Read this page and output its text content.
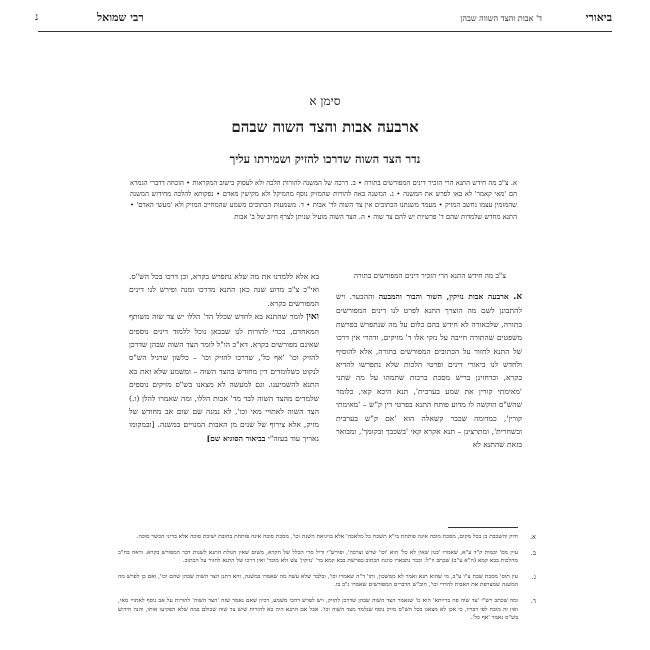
ביאורי
ד' אבות והצד השווה שבהן
רבי שמואל
נ
סימן א
ארבעה אבות והצד השוה שבהם
נדר הצד השוה שדרכו להזיק ושמירתו עליך

א. צ"ב מה חידש התנא הרי הזכיר דינים המפורשים בתורה • ב. דרכה של המשנה להורות הלכה ולא לעסוק בישוב המקראות • הוכחה דדברי הגמרא הם 'מאי קאמר' לא באו לפרש את המשנה • ג. המשנה באה להורות שהמזיק נוסף מהמיקל ולא מקישין מאדם • נפקותא להלכה מחידוש המשנה שהמזמין עצמו נחשב המזיק • מעמד משנתנו הכתובים אין צד השוה לד' אבות • ד. משמעות הכתובים משמע שהמחייב המזיק ולא 'מעשי האדם' • התנא מחדש שלמדות שהם ד' פרשיות יש להם צד שוה • ה. הצד השוה מועיל שניתן לצרף חיוב של ב' אבות

צ"ב מה חידש התנא הרי הזכיר דינים המפורשים בתורה

א. ארבעה אבות נזיקין, השור והבור והמבעה וההבער. ויש להתבונן לשם מה הוצרך התנא לפרט לנו דינים המפורשים בתורה, שלכאורה לא חידש בהם כלום על מה שנתפרש בפרשת משפטים שהתורה חייבה על נזקי אלו ד' מזיקים, ודהרי אין דרכו של התנא לחזור על הכתובים המפורשים בתורה, אלא להוסיף ולחדש לנו ביאורי דינים ופרטי הלכות שלא נתפרשו להדיא בקרא, וכדחזינן בריש מסכת ברכות שתמהו על מה שתני 'מאימתי קורין את שמע בערבית', תנא היכא קאי, כלומר שהש"ס הוקשה לו מדוע פותח התנא בפרטי דין ק"ש – 'מאימתי קורין', כמדומה שכבר קשאלה הוא 'אם ק"ש בערבית ובשחרית', ומתרצינן – תנא אקרא קאי 'בשכבך ובקומך', ומבואר בזאת שהתנא לא

בא אלא ללמדנו את מה שלא נתפרש בקרא, וכן דרכו בכל הש"ס. ואי"כ צ"ב מדוע שנה כאן התנא מדרכו ומנה ופירש לנו דינים המפורשים בקרא.

ואין לומר שהתנא בא לחדש שכלל הד' הללו יש צד שוה משותף המאחדם, בכדי להורות לנו שבכאן נוכל ללמוד דינים נוספים שאינם מפורשים בקרא. דא"כ הו"ל לומר הצד השוה שבהן שדרכן להזיק וכו' 'אף כל', שדרכו להזיק וכו' – כלשון שרגיל הש"ס לנקוט כשלומדים דין מחודש בהצד השוה – ומשמע שלא זאת בא התנא להשמיענו. וגם למעשה לא מצאנו בש"ס מזיקים נוספים שלמדים מהצד השוה לבד מד' אבות הללו, ומה שאמרו להלן (ו.) הצד השוה לאתויי מאי וכו', לא נמנה שם שום אב מחודש של מזיק, אלא צירוף של שנים מן האבות המנויים במשנה. [ובמקומו נאריך עוד בעזה"י בביאור הסוגיא שם]

א.
ודוק והשכבת בן בכל מקום, מסכת מוכה אינה פותחת בי"א תשכח כל מלאכה' אלא בויגיאת השנת וכו', מסכת סוכה אינה פותחת בחובת ישיבת סוכה אלא בדיני הכשר סוכה.
ב.
עיין מס' יבמות ק"ד ע"א, שאמרו 'כגון שאין לא כל' הוא 'וכו' שרש וצרכה', ופירש"י ודיל סרי הכלל של הקרא, משום שאין הגולת התנא לשנות דבר המפורש בקרא. וראה בח"ב מהלכות בבא קמא (ה"א ע"ב) שכתב וז"ל: וכבר נתבארו כוונת הכתוב בפרשת בבא קמא בד' 'נזיקין' עש ולא מוכר' ואין דרכו של התנא לחזור על הכתוב.
ג.
עין תוס' מסכת שבת צ"ו ע"ב, מי שהוא תנא ואמר לא ממשכון, ותו' ד"ה שאמרו וכו', ובלבד שלא עשה מה שאמרו במשנה, והא דתנן הצד השוה שבהן שהם וכו', ואם כן לפרש מה המשנה שמצרפת את האבות להדדי וכו', הוב"ש הדברים המפורשים שאמרו ג"ב בו.
ד.
ומה שכתב רש"י 'צד שוה פה ברייתא' הוא מ' שנאמר הצד השוה שבהן שדרכן להזיק, ויש לפרש דהכי משמע, דכיון שאם נאמר שזה 'הצד השוה' להורות על אב נוסף לאתויי מאי, ואין זה מוכח לפי דבריו, כי אכן לא מצאנו בכל הש"ס מזיק נוסף שנלמד מצד השוה וכו'. אבל אם התנא היה בא להורות שיש צד שוה שכולם במה שלא הפקיעו אותו, והנה חידוש בש"ס נאמר 'אף כל'.
